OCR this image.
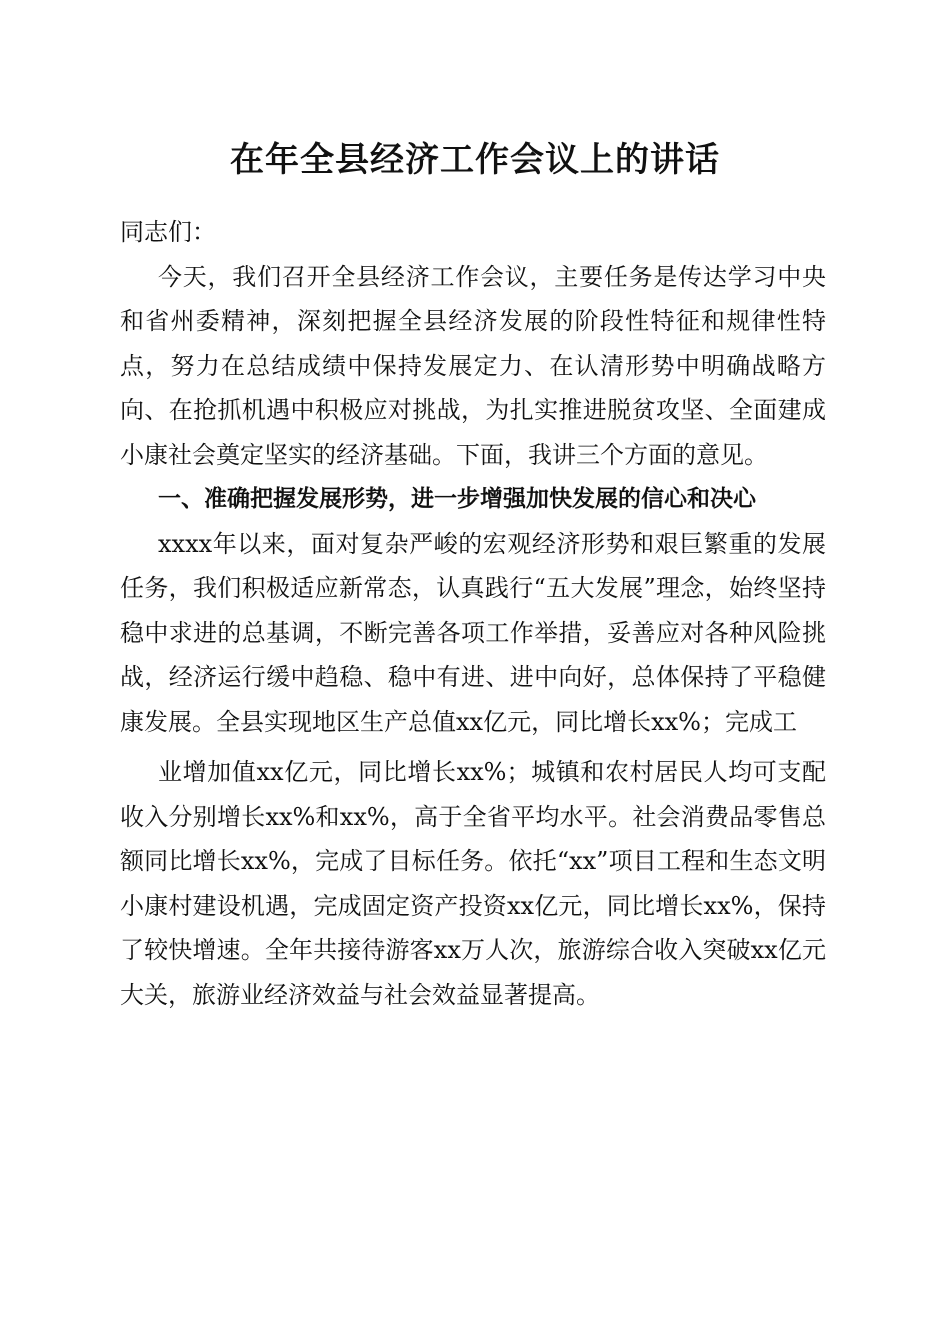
在年全县经济工作会议上的讲话

同志们：

今天，我们召开全县经济工作会议，主要任务是传达学习中央和省州委精神，深刻把握全县经济发展的阶段性特征和规律性特点，努力在总结成绩中保持发展定力、在认清形势中明确战略方向、在抢抓机遇中积极应对挑战，为扎实推进脱贫攻坚、全面建成小康社会奠定坚实的经济基础。下面，我讲三个方面的意见。

一、准确把握发展形势，进一步增强加快发展的信心和决心

xxxx年以来，面对复杂严峻的宏观经济形势和艰巨繁重的发展任务，我们积极适应新常态，认真践行“五大发展”理念，始终坚持稳中求进的总基调，不断完善各项工作举措，妥善应对各种风险挑战，经济运行缓中趋稳、稳中有进、进中向好，总体保持了平稳健康发展。全县实现地区生产总值xx亿元，同比增长xx%；完成工

业增加值xx亿元，同比增长xx%；城镇和农村居民人均可支配收入分别增长xx%和xx%，高于全省平均水平。社会消费品零售总额同比增长xx%，完成了目标任务。依托“xx”项目工程和生态文明小康村建设机遇，完成固定资产投资xx亿元，同比增长xx%，保持了较快增速。全年共接待游客xx万人次，旅游综合收入突破xx亿元大关，旅游业经济效益与社会效益显著提高。
